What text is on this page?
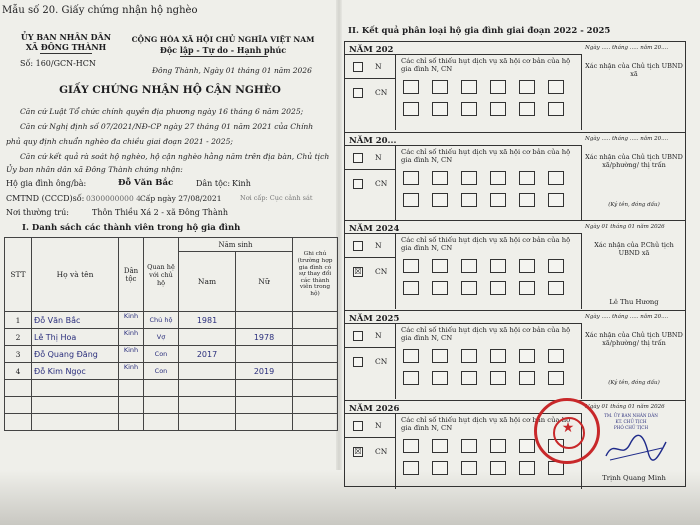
Mẫu số 20. Giấy chứng nhận hộ nghèo
ỦY BAN NHÂN DÂN
XÃ ĐÔNG THÀNH
Số: 160/GCN-HCN
CỘNG HÒA XÃ HỘI CHỦ NGHĨA VIỆT NAM
Độc lập - Tự do - Hạnh phúc
Đông Thành, Ngày 01 tháng 01 năm 2026
GIẤY CHỨNG NHẬN HỘ CẬN NGHÈO
Căn cứ Luật Tổ chức chính quyền địa phương ngày 16 tháng 6 năm 2025;
Căn cứ Nghị định số 07/2021/NĐ-CP ngày 27 tháng 01 năm 2021 của Chính
phủ quy định chuẩn nghèo đa chiều giai đoạn 2021 - 2025;
Căn cứ kết quả rà soát hộ nghèo, hộ cận nghèo hằng năm trên địa bàn, Chủ tịch
Ủy ban nhân dân xã Đông Thành chứng nhận:
Hộ gia đình ông/bà:	Đỗ Văn Bắc	Dân tộc: Kinh
CMTND (CCCD)số: 0300000000 4 Cấp ngày 27/08/2021	Nơi cấp: Cục cảnh sát
Nơi thường trú:	Thôn Thiều Xá 2 - xã Đông Thành
I. Danh sách các thành viên trong hộ gia đình
STT	Họ và tên	Dân tộc	Quan hệ với chủ hộ	Năm sinh		Ghi chú (trường hợp gia đình có sự thay đổi các thành viên trong hộ)
				Nam	Nữ	
1	Đỗ Văn Bắc	Kinh	Chủ hộ	1981		
2	Lê Thị Hoa	Kinh	Vợ		1978	
3	Đỗ Quang Đăng	Kinh	Con	2017		
4	Đỗ Kim Ngọc	Kinh	Con		2019	

II. Kết quả phân loại hộ gia đình giai đoạn 2022 - 2025
NĂM 202
N
CN
Các chỉ số thiếu hụt dịch vụ xã hội cơ bản của hộ gia đình N, CN
Ngày ..... tháng ..... năm 20....
Xác nhận của Chủ tịch UBND xã
NĂM 20...
N
CN
Các chỉ số thiếu hụt dịch vụ xã hội cơ bản của hộ gia đình N, CN
Ngày ..... tháng ..... năm 20....
Xác nhận của Chủ tịch UBND xã/phường/ thị trấn
(Ký tên, đóng dấu)
NĂM 2024
N
☒ CN
Các chỉ số thiếu hụt dịch vụ xã hội cơ bản của hộ gia đình N, CN
Ngày 01 tháng 01 năm 2026
Xác nhận của P.Chủ tịch UBND xã
Lê Thu Hương
NĂM 2025
N
CN
Các chỉ số thiếu hụt dịch vụ xã hội cơ bản của hộ gia đình N, CN
Ngày ..... tháng ..... năm 20....
Xác nhận của Chủ tịch UBND xã/phường/ thị trấn
(Ký tên, đóng dấu)
NĂM 2026
N
☒ CN
Các chỉ số thiếu hụt dịch vụ xã hội cơ bản của hộ gia đình N, CN
Ngày 01 tháng 01 năm 2026
Trịnh Quang Minh
★
TM. ỦY BAN NHÂN DÂN
KT. CHỦ TỊCH
PHÓ CHỦ TỊCH
